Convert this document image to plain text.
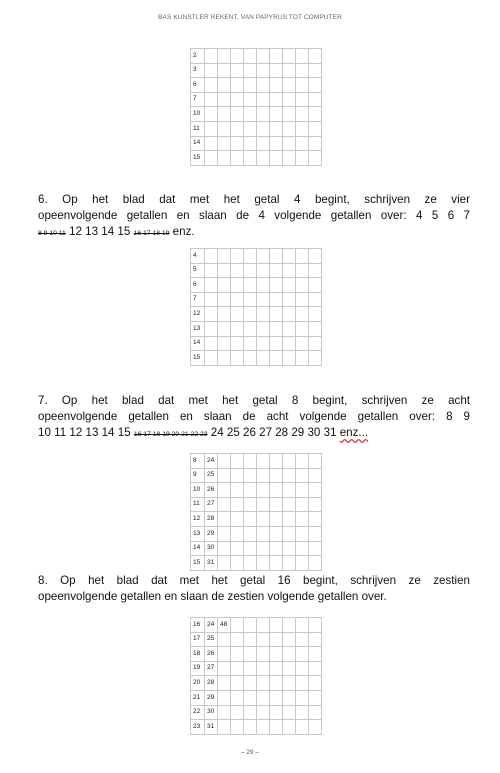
BAS KUNSTLER REKENT. VAN PAPYRUS TOT COMPUTER
2									
3									
6									
7									
10									
11									
14									
15									
6. Op het blad dat met het getal 4 begint, schrijven ze vier
opeenvolgende getallen en slaan de 4 volgende getallen over: 4 5 6 7
8 9 10 11 12 13 14 15 16 17 18 19 enz.
4									
5									
6									
7									
12									
13									
14									
15									
7. Op het blad dat met het getal 8 begint, schrijven ze acht
opeenvolgende getallen en slaan de acht volgende getallen over: 8 9
10 11 12 13 14 15 16 17 18 19 20 21 22 23 24 25 26 27 28 29 30 31 enz...
8	24								
9	25								
10	26								
11	27								
12	28								
13	29								
14	30								
15	31								
8. Op het blad dat met het getal 16 begint, schrijven ze zestien
opeenvolgende getallen en slaan de zestien volgende getallen over.
16	24	48							
17	25								
18	26								
19	27								
20	28								
21	29								
22	30								
23	31								
– 29 –
